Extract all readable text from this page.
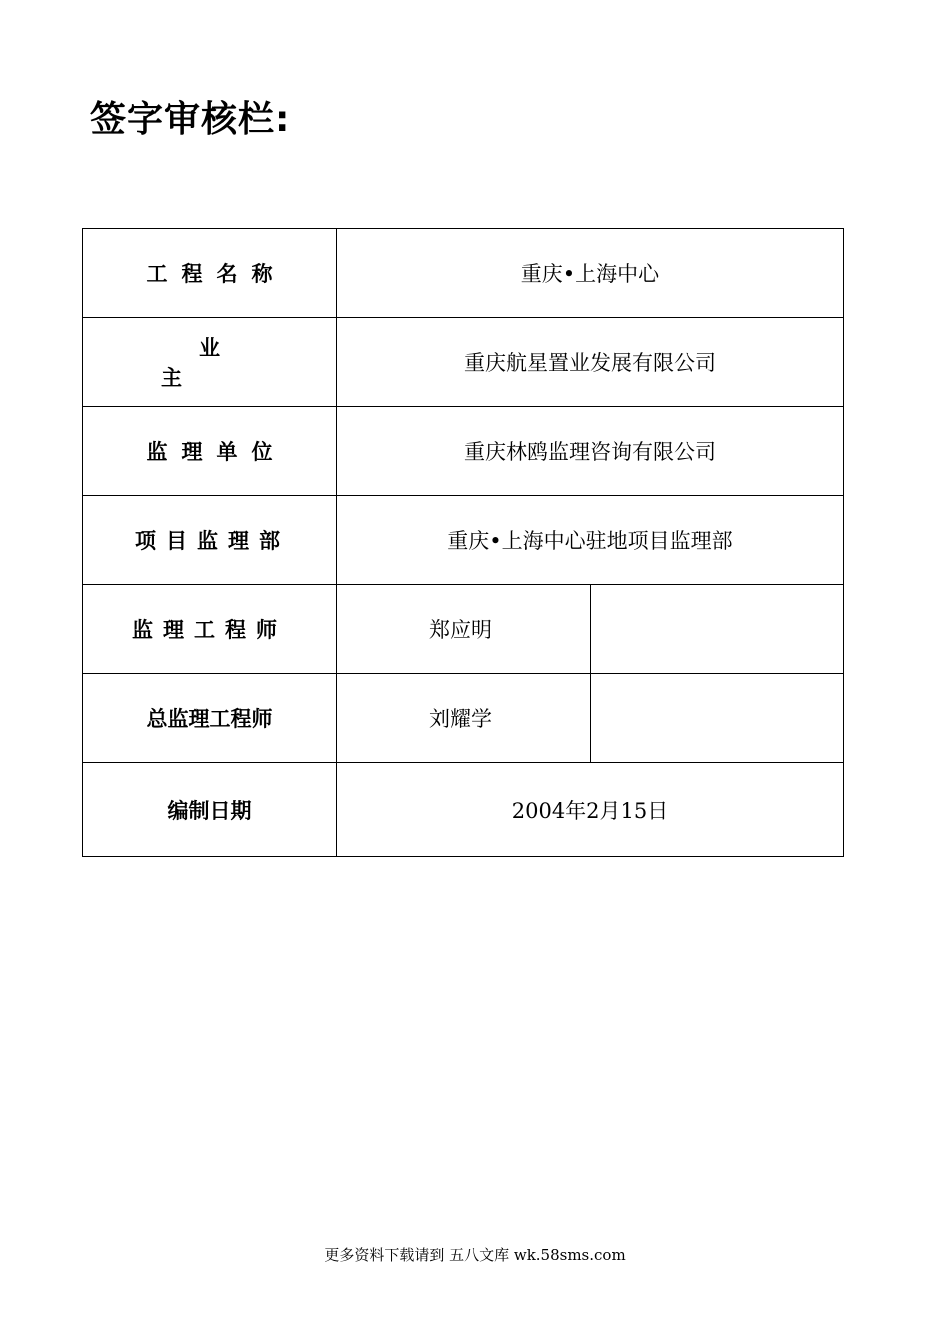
签字审核栏:
工程名称	重庆•上海中心	
业主	重庆航星置业发展有限公司	
监理单位	重庆林鸥监理咨询有限公司	
项目监理部	重庆•上海中心驻地项目监理部	
监理工程师	郑应明	
总监理工程师	刘耀学	
编制日期	2004年2月15日	
更多资料下载请到 五八文库 wk.58sms.com
